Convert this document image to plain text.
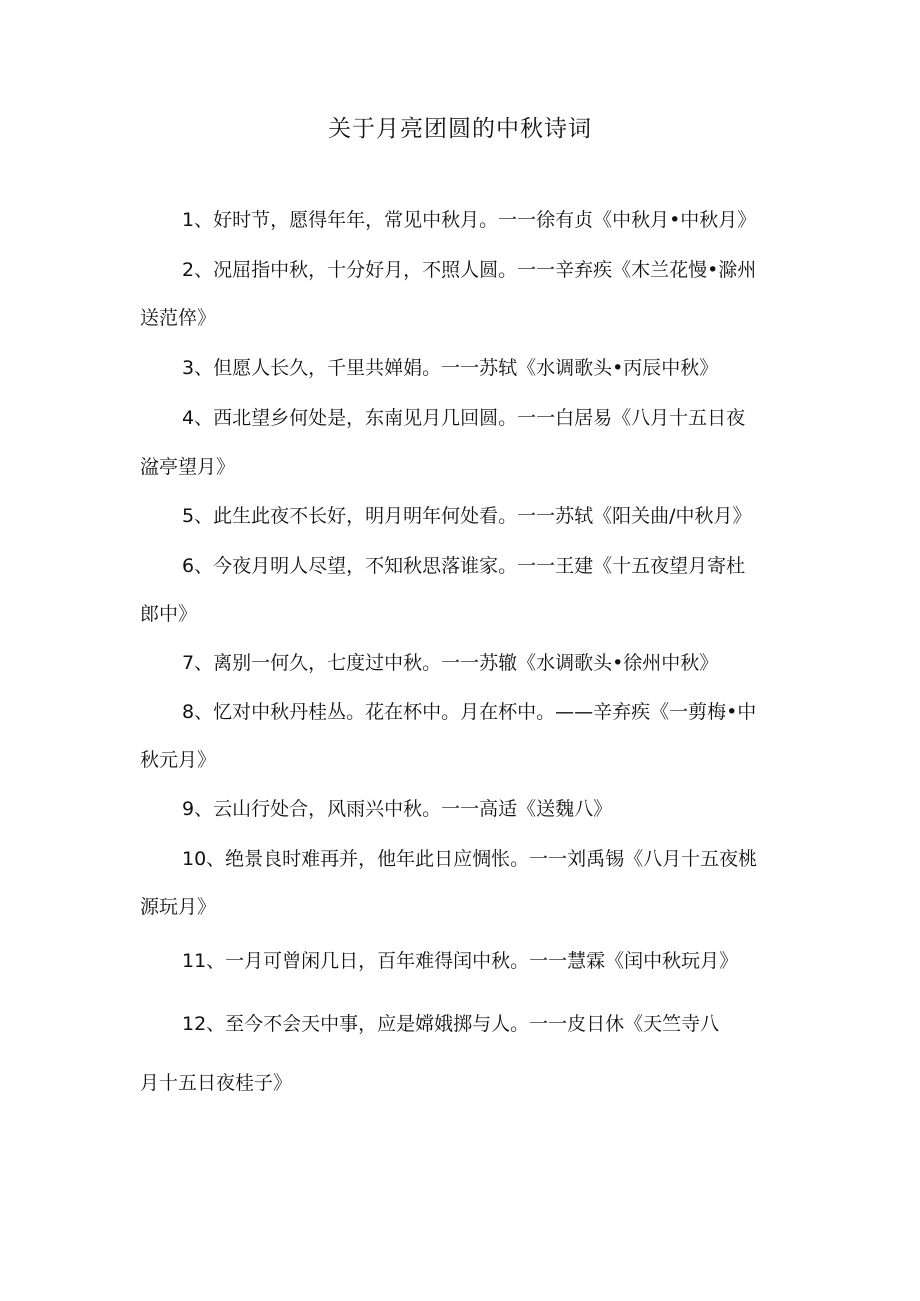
关于月亮团圆的中秋诗词
1、好时节，愿得年年，常见中秋月。一一徐有贞《中秋月•中秋月》
2、况屈指中秋，十分好月，不照人圆。一一辛弃疾《木兰花慢•滁州
送范倅》
3、但愿人长久，千里共婵娟。一一苏轼《水调歌头•丙辰中秋》
4、西北望乡何处是，东南见月几回圆。一一白居易《八月十五日夜
湓亭望月》
5、此生此夜不长好，明月明年何处看。一一苏轼《阳关曲/中秋月》
6、今夜月明人尽望，不知秋思落谁家。一一王建《十五夜望月寄杜
郎中》
7、离别一何久，七度过中秋。一一苏辙《水调歌头•徐州中秋》
8、忆对中秋丹桂丛。花在杯中。月在杯中。——辛弃疾《一剪梅•中
秋元月》
9、云山行处合，风雨兴中秋。一一高适《送魏八》
10、绝景良时难再并，他年此日应惆怅。一一刘禹锡《八月十五夜桃
源玩月》
11、一月可曾闲几日，百年难得闰中秋。一一慧霖《闰中秋玩月》
12、至今不会天中事，应是嫦娥掷与人。一一皮日休《天竺寺八
月十五日夜桂子》
